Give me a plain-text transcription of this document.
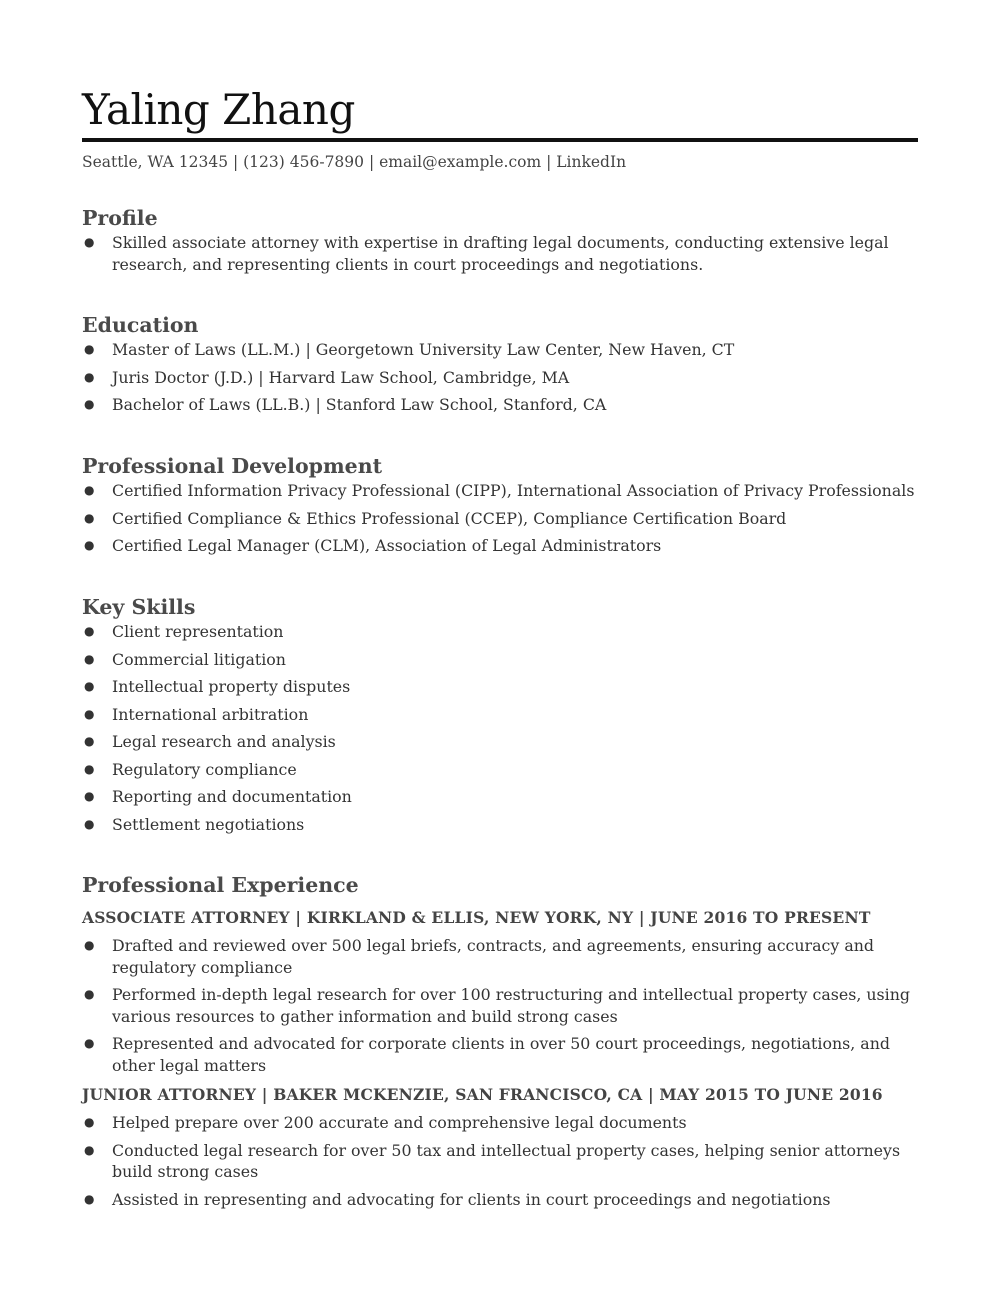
Yaling Zhang
Seattle, WA 12345 | (123) 456-7890 | email@example.com | LinkedIn
Profile
● Skilled associate attorney with expertise in drafting legal documents, conducting extensive legal research, and representing clients in court proceedings and negotiations.
Education
● Master of Laws (LL.M.) | Georgetown University Law Center, New Haven, CT
● Juris Doctor (J.D.) | Harvard Law School, Cambridge, MA
● Bachelor of Laws (LL.B.) | Stanford Law School, Stanford, CA
Professional Development
● Certified Information Privacy Professional (CIPP), International Association of Privacy Professionals
● Certified Compliance & Ethics Professional (CCEP), Compliance Certification Board
● Certified Legal Manager (CLM), Association of Legal Administrators
Key Skills
● Client representation
● Commercial litigation
● Intellectual property disputes
● International arbitration
● Legal research and analysis
● Regulatory compliance
● Reporting and documentation
● Settlement negotiations
Professional Experience
ASSOCIATE ATTORNEY | KIRKLAND & ELLIS, NEW YORK, NY | JUNE 2016 TO PRESENT
● Drafted and reviewed over 500 legal briefs, contracts, and agreements, ensuring accuracy and regulatory compliance
● Performed in-depth legal research for over 100 restructuring and intellectual property cases, using various resources to gather information and build strong cases
● Represented and advocated for corporate clients in over 50 court proceedings, negotiations, and other legal matters
JUNIOR ATTORNEY | BAKER MCKENZIE, SAN FRANCISCO, CA | MAY 2015 TO JUNE 2016
● Helped prepare over 200 accurate and comprehensive legal documents
● Conducted legal research for over 50 tax and intellectual property cases, helping senior attorneys build strong cases
● Assisted in representing and advocating for clients in court proceedings and negotiations
